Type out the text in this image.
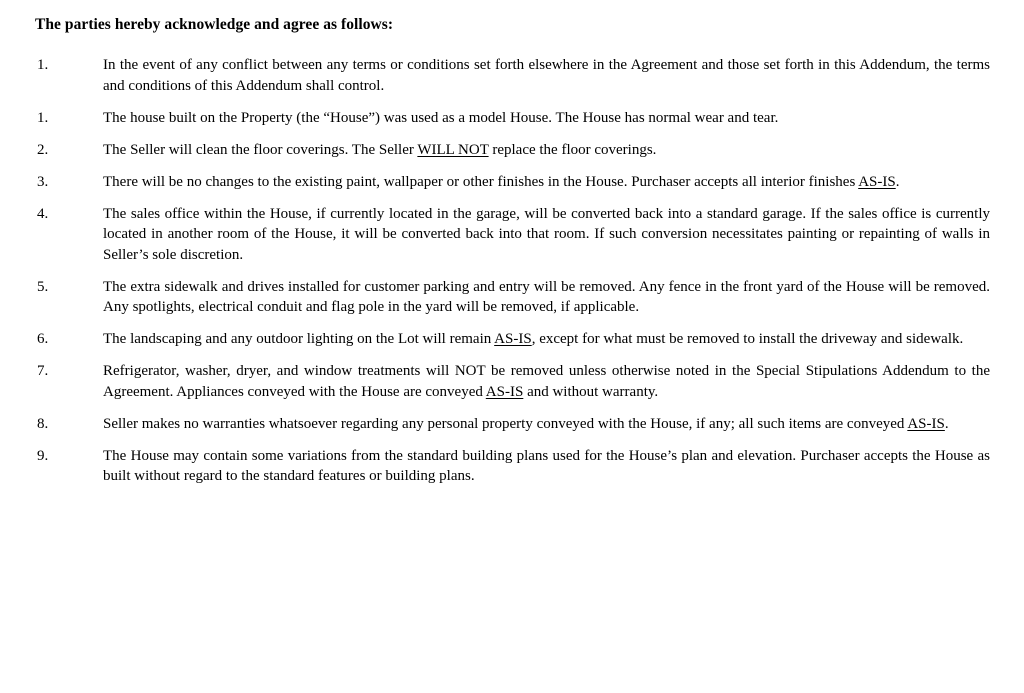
The parties hereby acknowledge and agree as follows:
1.	In the event of any conflict between any terms or conditions set forth elsewhere in the Agreement and those set forth in this Addendum, the terms and conditions of this Addendum shall control.
1.	The house built on the Property (the “House”) was used as a model House. The House has normal wear and tear.
2.	The Seller will clean the floor coverings. The Seller WILL NOT replace the floor coverings.
3.	There will be no changes to the existing paint, wallpaper or other finishes in the House. Purchaser accepts all interior finishes AS-IS.
4.	The sales office within the House, if currently located in the garage, will be converted back into a standard garage. If the sales office is currently located in another room of the House, it will be converted back into that room. If such conversion necessitates painting or repainting of walls in Seller’s sole discretion.
5.	The extra sidewalk and drives installed for customer parking and entry will be removed. Any fence in the front yard of the House will be removed. Any spotlights, electrical conduit and flag pole in the yard will be removed, if applicable.
6.	The landscaping and any outdoor lighting on the Lot will remain AS-IS, except for what must be removed to install the driveway and sidewalk.
7.	Refrigerator, washer, dryer, and window treatments will NOT be removed unless otherwise noted in the Special Stipulations Addendum to the Agreement. Appliances conveyed with the House are conveyed AS-IS and without warranty.
8.	Seller makes no warranties whatsoever regarding any personal property conveyed with the House, if any; all such items are conveyed AS-IS.
9.	The House may contain some variations from the standard building plans used for the House’s plan and elevation. Purchaser accepts the House as built without regard to the standard features or building plans.
